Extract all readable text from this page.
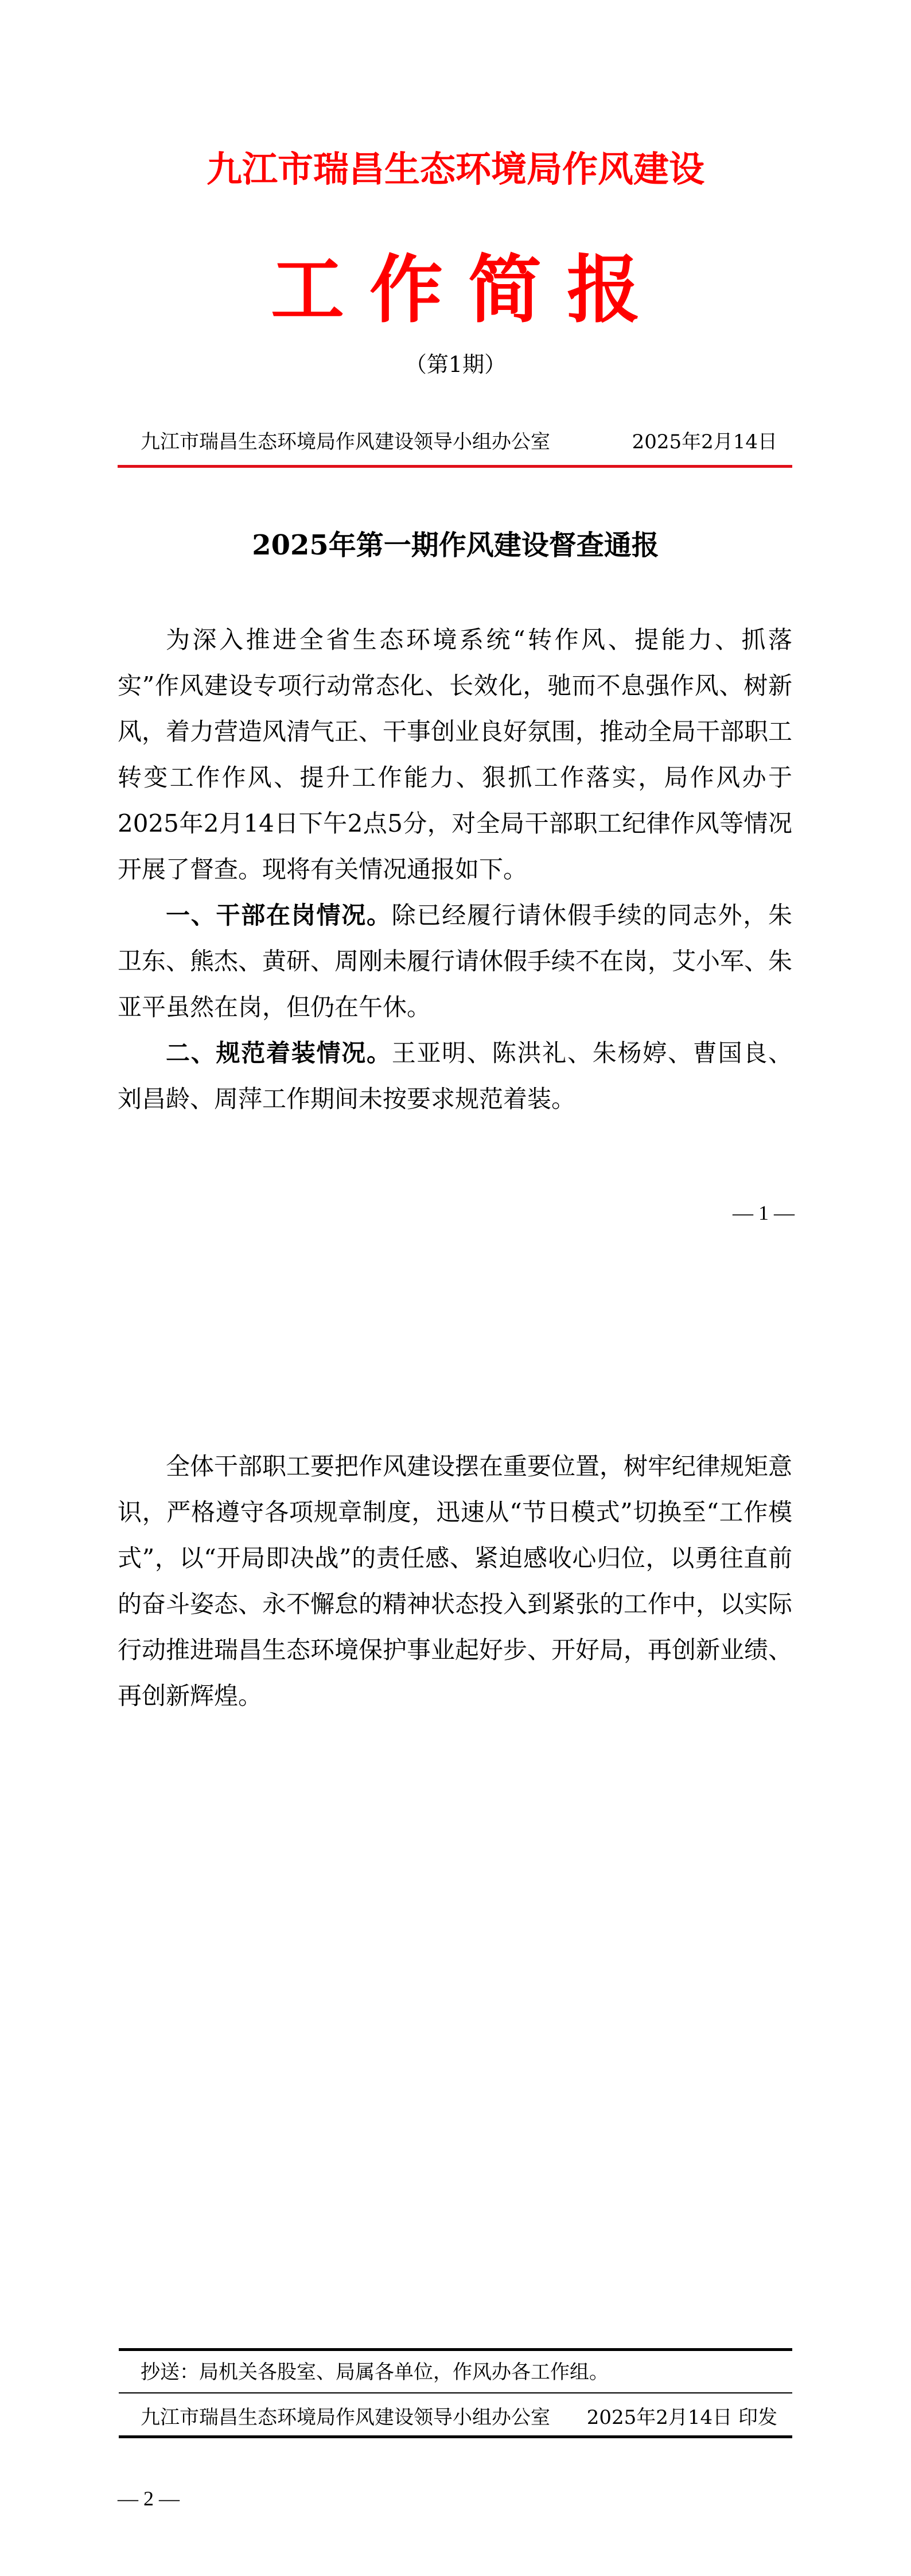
九江市瑞昌生态环境局作风建设
工作简报
（第1期）
九江市瑞昌生态环境局作风建设领导小组办公室	2025年2月14日
2025年第一期作风建设督查通报

为深入推进全省生态环境系统“转作风、提能力、抓落实”作风建设专项行动常态化、长效化，驰而不息强作风、树新风，着力营造风清气正、干事创业良好氛围，推动全局干部职工转变工作作风、提升工作能力、狠抓工作落实，局作风办于2025年2月14日下午2点5分，对全局干部职工纪律作风等情况开展了督查。现将有关情况通报如下。

一、干部在岗情况。除已经履行请休假手续的同志外，朱卫东、熊杰、黄研、周刚未履行请休假手续不在岗，艾小军、朱亚平虽然在岗，但仍在午休。

二、规范着装情况。王亚明、陈洪礼、朱杨婷、曹国良、刘昌龄、周萍工作期间未按要求规范着装。

— 1 —

全体干部职工要把作风建设摆在重要位置，树牢纪律规矩意识，严格遵守各项规章制度，迅速从“节日模式”切换至“工作模式”，以“开局即决战”的责任感、紧迫感收心归位，以勇往直前的奋斗姿态、永不懈怠的精神状态投入到紧张的工作中，以实际行动推进瑞昌生态环境保护事业起好步、开好局，再创新业绩、再创新辉煌。

抄送：局机关各股室、局属各单位，作风办各工作组。
九江市瑞昌生态环境局作风建设领导小组办公室 2025年2月14日 印发
— 2 —
